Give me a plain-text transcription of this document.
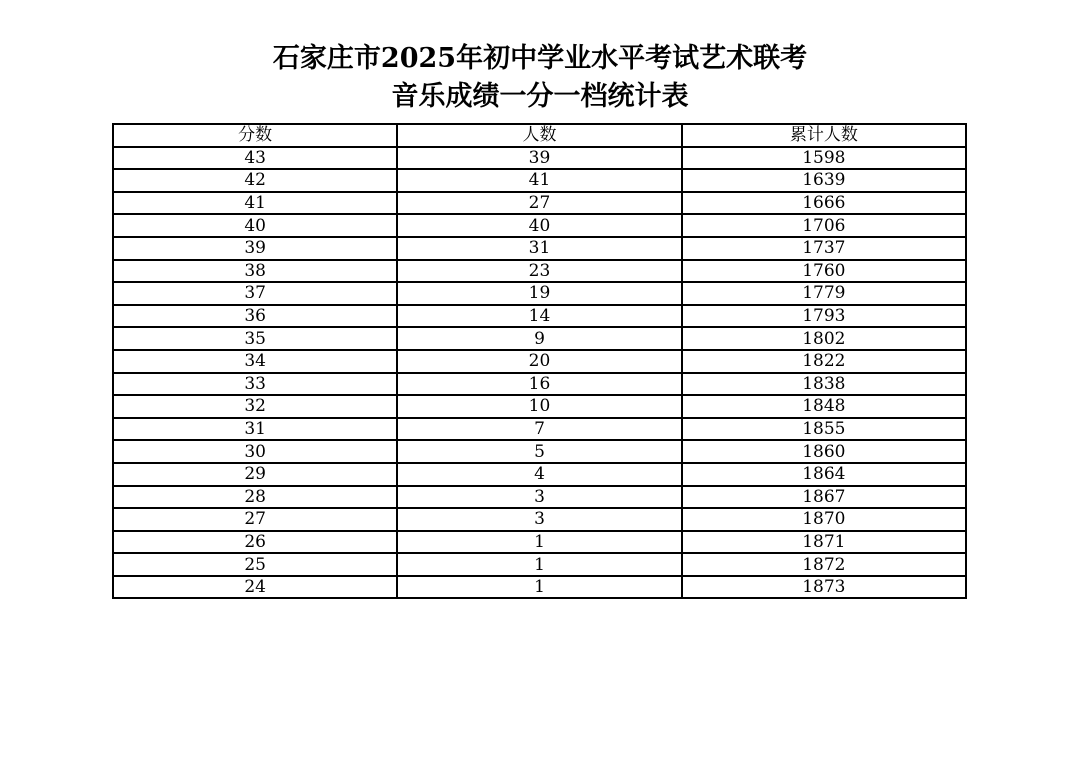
石家庄市2025年初中学业水平考试艺术联考
音乐成绩一分一档统计表
分数	人数	累计人数
43	39	1598
42	41	1639
41	27	1666
40	40	1706
39	31	1737
38	23	1760
37	19	1779
36	14	1793
35	9	1802
34	20	1822
33	16	1838
32	10	1848
31	7	1855
30	5	1860
29	4	1864
28	3	1867
27	3	1870
26	1	1871
25	1	1872
24	1	1873
